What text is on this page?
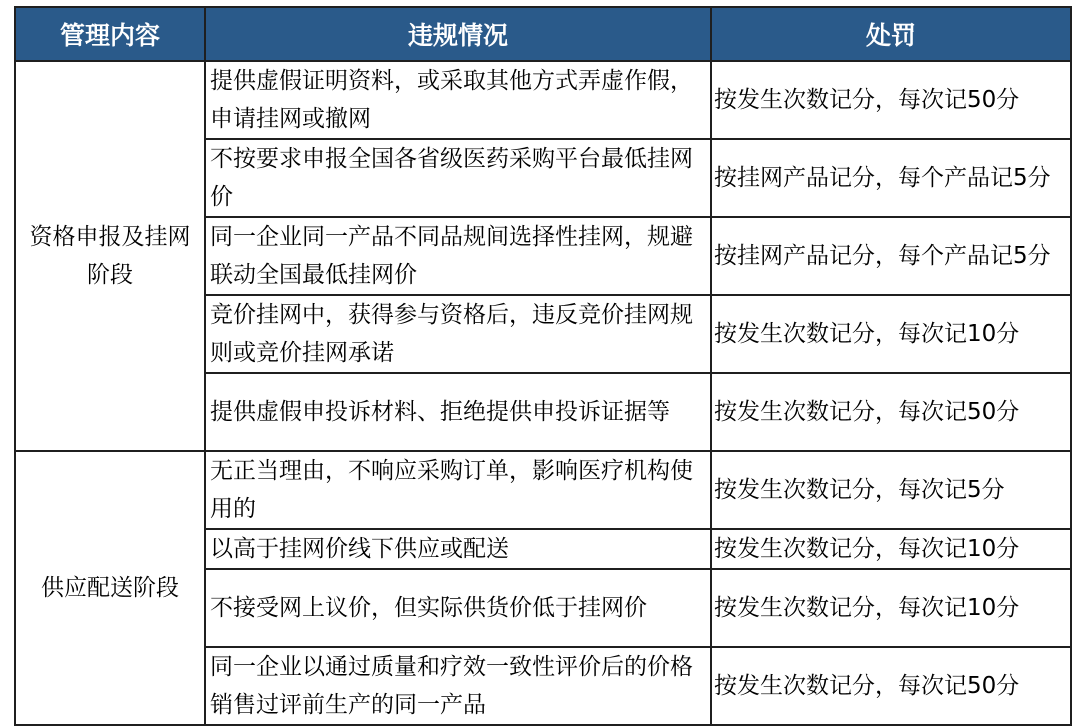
管理内容	违规情况	处罚
资格申报及挂网阶段	提供虚假证明资料，或采取其他方式弄虚作假，申请挂网或撤网	按发生次数记分，每次记50分
	不按要求申报全国各省级医药采购平台最低挂网价	按挂网产品记分，每个产品记5分
	同一企业同一产品不同品规间选择性挂网，规避联动全国最低挂网价	按挂网产品记分，每个产品记5分
	竞价挂网中，获得参与资格后，违反竞价挂网规则或竞价挂网承诺	按发生次数记分，每次记10分
	提供虚假申投诉材料、拒绝提供申投诉证据等	按发生次数记分，每次记50分
供应配送阶段	无正当理由，不响应采购订单，影响医疗机构使用的	按发生次数记分，每次记5分
	以高于挂网价线下供应或配送	按发生次数记分，每次记10分
	不接受网上议价，但实际供货价低于挂网价	按发生次数记分，每次记10分
	同一企业以通过质量和疗效一致性评价后的价格销售过评前生产的同一产品	按发生次数记分，每次记50分
